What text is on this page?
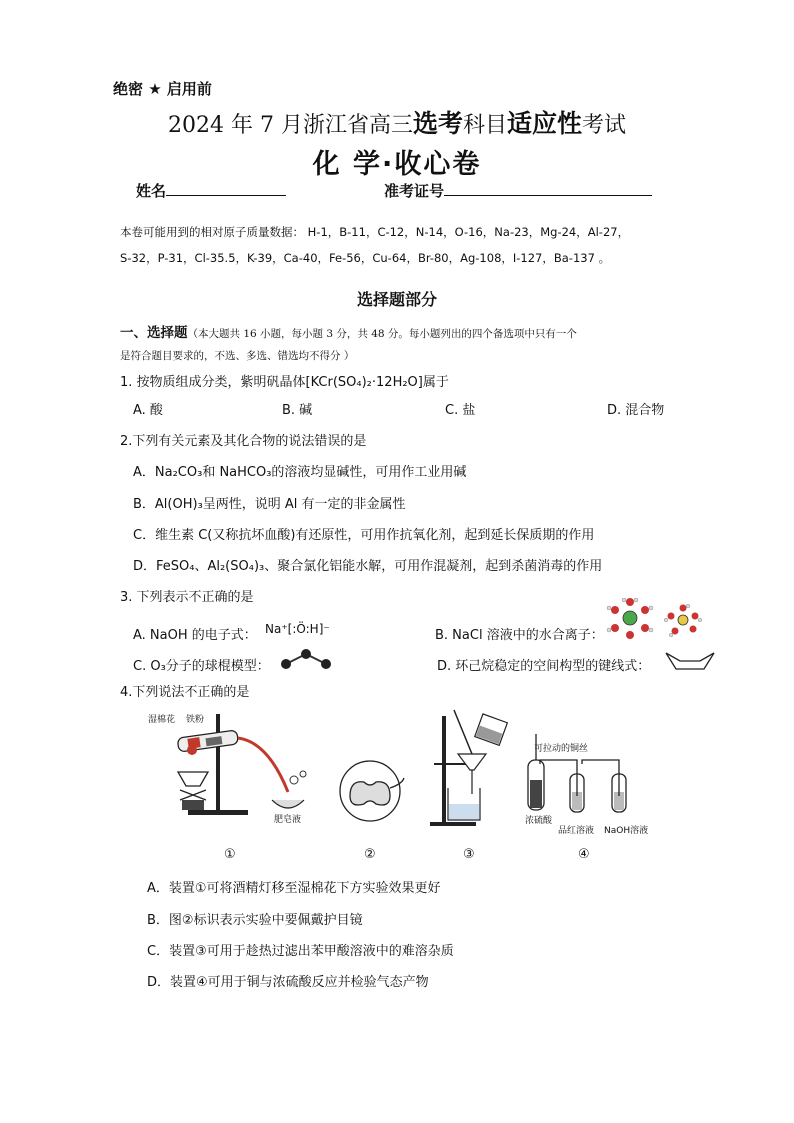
绝密 ★ 启用前
2024 年 7 月浙江省高三选考科目适应性考试
化 学·收心卷
姓名	准考证号
本卷可能用到的相对原子质量数据： H-1，B-11，C-12，N-14，O-16，Na-23，Mg-24，Al-27，
S-32，P-31，Cl-35.5，K-39，Ca-40，Fe-56，Cu-64，Br-80，Ag-108，I-127，Ba-137 。
选择题部分
一、选择题（本大题共 16 小题，每小题 3 分，共 48 分。每小题列出的四个备选项中只有一个
是符合题目要求的，不选、多选、错选均不得分 ）
1. 按物质组成分类，紫明矾晶体[KCr(SO₄)₂·12H₂O]属于
A. 酸	B. 碱	C. 盐	D. 混合物
2.下列有关元素及其化合物的说法错误的是
A．Na₂CO₃和 NaHCO₃的溶液均显碱性，可用作工业用碱
B．Al(OH)₃呈两性，说明 Al 有一定的非金属性
C．维生素 C(又称抗坏血酸)有还原性，可用作抗氧化剂，起到延长保质期的作用
D．FeSO₄、Al₂(SO₄)₃、聚合氯化铝能水解，可用作混凝剂，起到杀菌消毒的作用
3. 下列表示不正确的是
A. NaOH 的电子式： Na⁺[:Ö:H]⁻	B. NaCl 溶液中的水合离子：
C. O₃分子的球棍模型：	D. 环己烷稳定的空间构型的键线式：
4.下列说法不正确的是
湿棉花 铁粉
肥皂液
可拉动的铜丝
浓硫酸
品红溶液 NaOH溶液
①	②	③	④
A．装置①可将酒精灯移至湿棉花下方实验效果更好
B．图②标识表示实验中要佩戴护目镜
C．装置③可用于趁热过滤出苯甲酸溶液中的难溶杂质
D．装置④可用于铜与浓硫酸反应并检验气态产物
